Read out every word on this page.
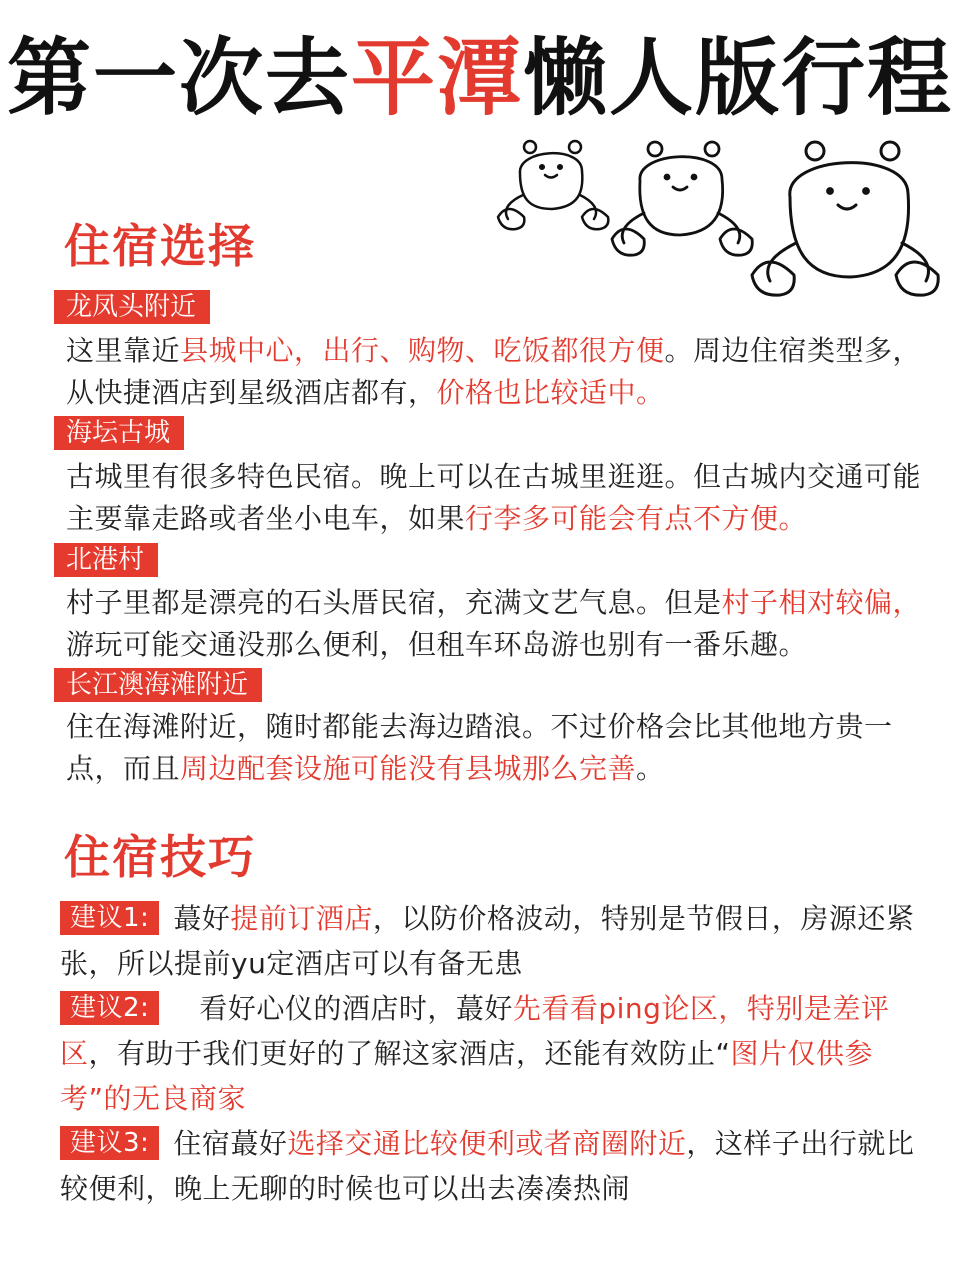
第一次去平潭懒人版行程
住宿选择
龙凤头附近
这里靠近县城中心，出行、购物、吃饭都很方便。周边住宿类型多，从快捷酒店到星级酒店都有，价格也比较适中。
海坛古城
古城里有很多特色民宿。晚上可以在古城里逛逛。但古城内交通可能主要靠走路或者坐小电车，如果行李多可能会有点不方便。
北港村
村子里都是漂亮的石头厝民宿，充满文艺气息。但是村子相对较偏，游玩可能交通没那么便利，但租车环岛游也别有一番乐趣。
长江澳海滩附近
住在海滩附近，随时都能去海边踏浪。不过价格会比其他地方贵一点，而且周边配套设施可能没有县城那么完善。
住宿技巧
建议1: 蕞好提前订酒店，以防价格波动，特别是节假日，房源还紧张，所以提前yu定酒店可以有备无患
建议2: 看好心仪的酒店时，蕞好先看看ping论区，特别是差评区，有助于我们更好的了解这家酒店，还能有效防止“图片仅供参考”的无良商家
建议3: 住宿蕞好选择交通比较便利或者商圈附近，这样子出行就比较便利，晚上无聊的时候也可以出去凑凑热闹
